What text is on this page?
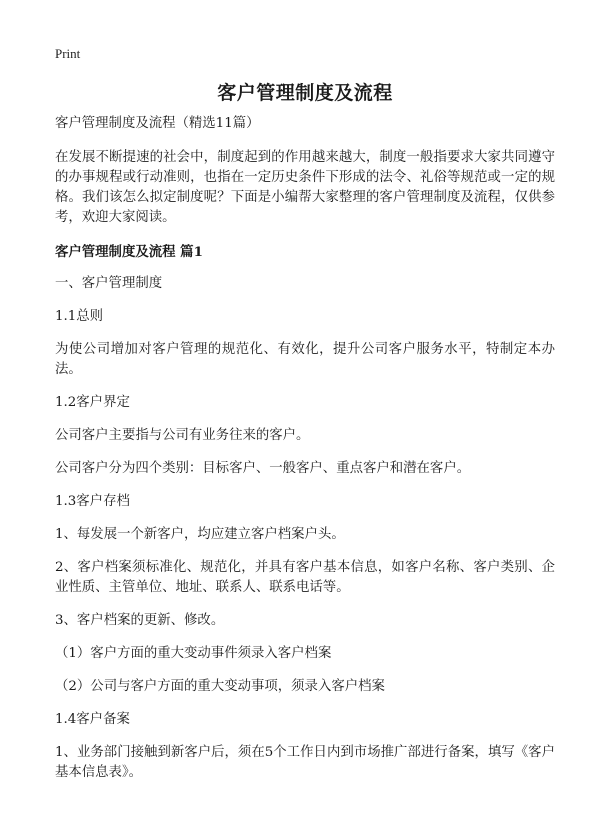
Print
客户管理制度及流程

客户管理制度及流程（精选11篇）

在发展不断提速的社会中，制度起到的作用越来越大，制度一般指要求大家共同遵守的办事规程或行动准则，也指在一定历史条件下形成的法令、礼俗等规范或一定的规格。我们该怎么拟定制度呢？下面是小编帮大家整理的客户管理制度及流程，仅供参考，欢迎大家阅读。

客户管理制度及流程 篇1

一、客户管理制度

1.1总则

为使公司增加对客户管理的规范化、有效化，提升公司客户服务水平，特制定本办法。

1.2客户界定

公司客户主要指与公司有业务往来的客户。

公司客户分为四个类别：目标客户、一般客户、重点客户和潜在客户。

1.3客户存档

1、每发展一个新客户，均应建立客户档案户头。

2、客户档案须标准化、规范化，并具有客户基本信息，如客户名称、客户类别、企业性质、主管单位、地址、联系人、联系电话等。

3、客户档案的更新、修改。

（1）客户方面的重大变动事件须录入客户档案

（2）公司与客户方面的重大变动事项，须录入客户档案

1.4客户备案

1、业务部门接触到新客户后，须在5个工作日内到市场推广部进行备案，填写《客户基本信息表》。
